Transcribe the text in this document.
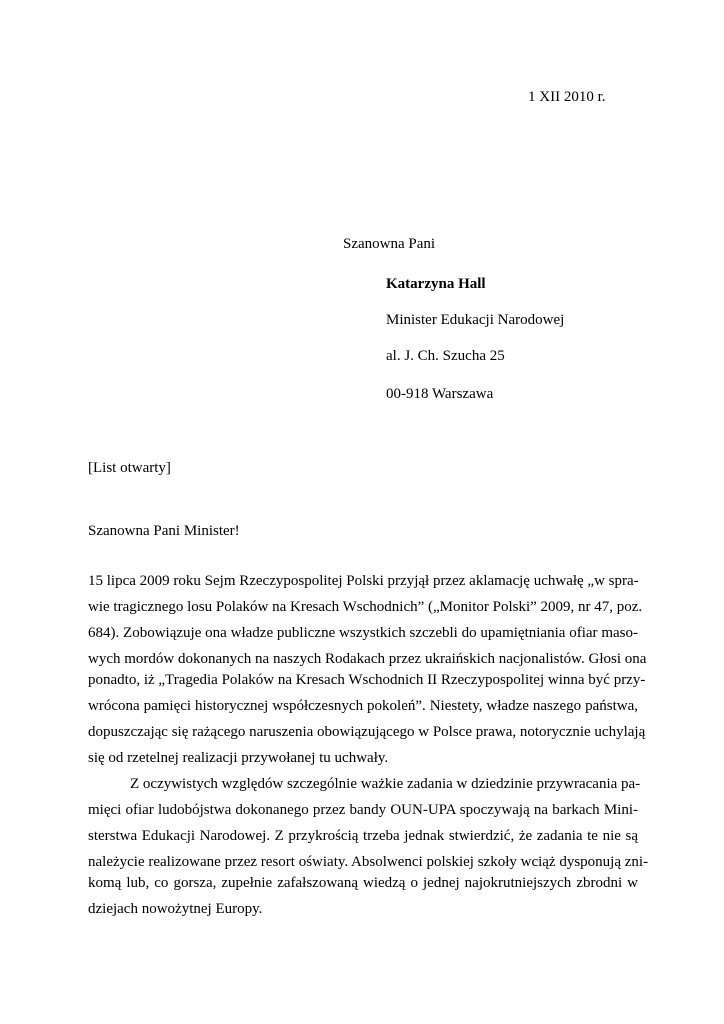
1 XII 2010 r.
Szanowna Pani
Katarzyna Hall
Minister Edukacji Narodowej
al. J. Ch. Szucha 25
00-918 Warszawa
[List otwarty]
Szanowna Pani Minister!
15 lipca 2009 roku Sejm Rzeczypospolitej Polski przyjął przez aklamację uchwałę „w spra-
wie tragicznego losu Polaków na Kresach Wschodnich” („Monitor Polski” 2009, nr 47, poz.
684). Zobowiązuje ona władze publiczne wszystkich szczebli do upamiętniania ofiar maso-
wych mordów dokonanych na naszych Rodakach przez ukraińskich nacjonalistów. Głosi ona
ponadto, iż „Tragedia Polaków na Kresach Wschodnich II Rzeczypospolitej winna być przy-
wrócona pamięci historycznej współczesnych pokoleń”. Niestety, władze naszego państwa,
dopuszczając się rażącego naruszenia obowiązującego w Polsce prawa, notorycznie uchylają
się od rzetelnej realizacji przywołanej tu uchwały.
Z oczywistych względów szczególnie ważkie zadania w dziedzinie przywracania pa-
mięci ofiar ludobójstwa dokonanego przez bandy OUN-UPA spoczywają na barkach Mini-
sterstwa Edukacji Narodowej. Z przykrością trzeba jednak stwierdzić, że zadania te nie są
należycie realizowane przez resort oświaty. Absolwenci polskiej szkoły wciąż dysponują zni-
komą lub, co gorsza, zupełnie zafałszowaną wiedzą o jednej najokrutniejszych zbrodni w
dziejach nowożytnej Europy.
